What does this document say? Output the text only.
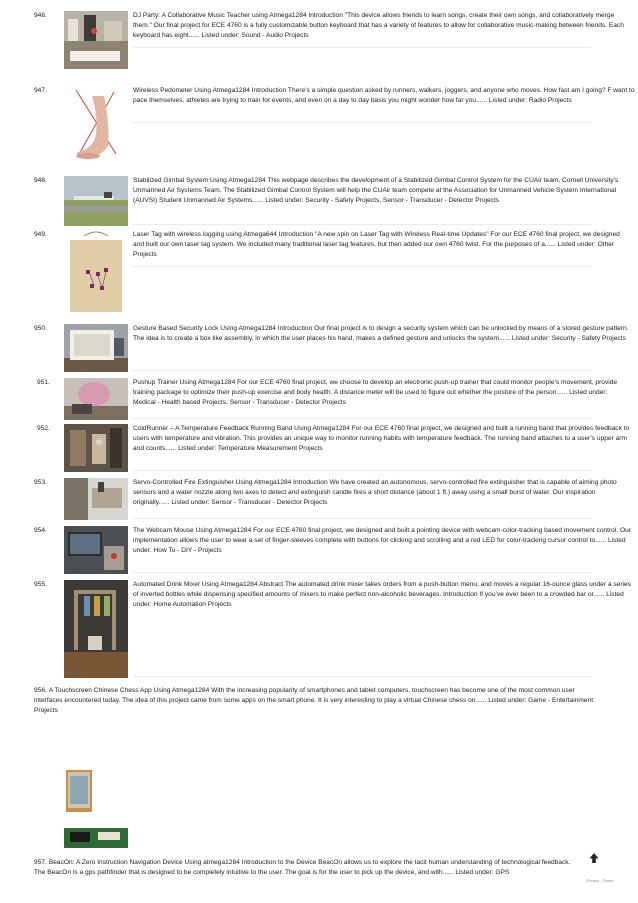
946.	DJ Party: A Collaborative Music Teacher using Atmega1284 Introduction "This device allows friends to learn songs, create their own songs, and collaboratively merge them." Our final project for ECE 4760 is a fully customizable button keyboard that has a variety of features to allow for collaborative music-making between friends. Each keyboard has eight...... Listed under: Sound - Audio Projects
947.	Wireless Pedometer Using Atmega1284 Introduction There’s a simple question asked by runners, walkers, joggers, and anyone who moves. How fast am I going? F want to pace themselves, athletes are trying to train for events, and even on a day to day basis you might wonder how far you...... Listed under: Radio Projects
948.	Stabilized Gimbal System Using Atmega1284 This webpage describes the development of a Stabilized Gimbal Control System for the CUAir team, Cornell University’s Unmanned Air Systems Team. The Stabilized Gimbal Control System will help the CUAir team compete at the Association for Unmanned Vehicle System International (AUVSI) Student Unmanned Air Systems...... Listed under: Security - Safety Projects, Sensor - Transducer - Detector Projects
949.	Laser Tag with wireless logging using Atmega644 Introduction "A new spin on Laser Tag with Wireless Real-time Updates" For our ECE 4760 final project, we designed and built our own laser tag system. We included many traditional laser tag features, but then added our own 4760 twist. For the purposes of a...... Listed under: Other Projects
950.	Gesture Based Security Lock Using Atmega1284 Introduction Our final project is to design a security system which can be unlocked by means of a stored gesture pattern. The idea is to create a box like assembly, in which the user places his hand, makes a defined gesture and unlocks the system...... Listed under: Security - Safety Projects
951.	Pushup Trainer Using Atmega1284 For our ECE 4760 final project, we choose to develop an electronic push-up trainer that could monitor people’s movement, provide training package to optimize their push-up exercise and body health. A distance meter will be used to figure out whether the posture of the person...... Listed under: Medical - Health based Projects, Sensor - Transducer - Detector Projects
952.	ColdRunner – A Temperature Feedback Running Band Using Atmega1284 For our ECE 4760 final project, we designed and built a running band that provides feedback to users with temperature and vibration. This provides an unique way to monitor running habits with temperature feedback. The running band attaches to a user’s upper arm and counts...... Listed under: Temperature Measurement Projects
953.	Servo-Controlled Fire Extinguisher Using Atmega1284 Introduction We have created an autonomous, servo-controlled fire extinguisher that is capable of aiming photo sensors and a water nozzle along two axes to detect and extinguish candle fires a short distance (about 1 ft.) away using a small burst of water. Our inspiration originally...... Listed under: Sensor - Transducer - Detector Projects
954.	The Webcam Mouse Using Atmega1284 For our ECE 4760 final project, we designed and built a pointing device with webcam-color-tracking based movement control. Our implementation allows the user to wear a set of finger-sleeves complete with buttons for clicking and scrolling and a red LED for color-tracking cursor control to...... Listed under: How To - DIY - Projects
955.	Automated Drink Mixer Using Atmega1284 Abstract The automated drink mixer takes orders from a push-button menu, and moves a regular 16-ounce glass under a series of inverted bottles while dispensing specified amounts of mixers to make perfect non-alcoholic beverages. Introduction If you’ve ever been to a crowded bar or...... Listed under: Home Automation Projects
956. A Touchscreen Chinese Chess App Using Atmega1284 With the increasing popularity of smartphones and tablet computers, touchscreen has become one of the most common user interfaces encountered today. The idea of this project came from some apps on the smart phone. It is very interesting to play a virtual Chinese chess on...... Listed under: Game - Entertainment Projects
957. BeacOn: A Zero Instruction Navigation Device Using atmega1284 Introduction to the Device BeacOn allows us to explore the tacit human understanding of technological feedback. The BeacOn is a gps pathfinder that is designed to be completely intuitive to the user. The goal is for the user to pick up the device, and with...... Listed under: GPS
Privacy - Terms
